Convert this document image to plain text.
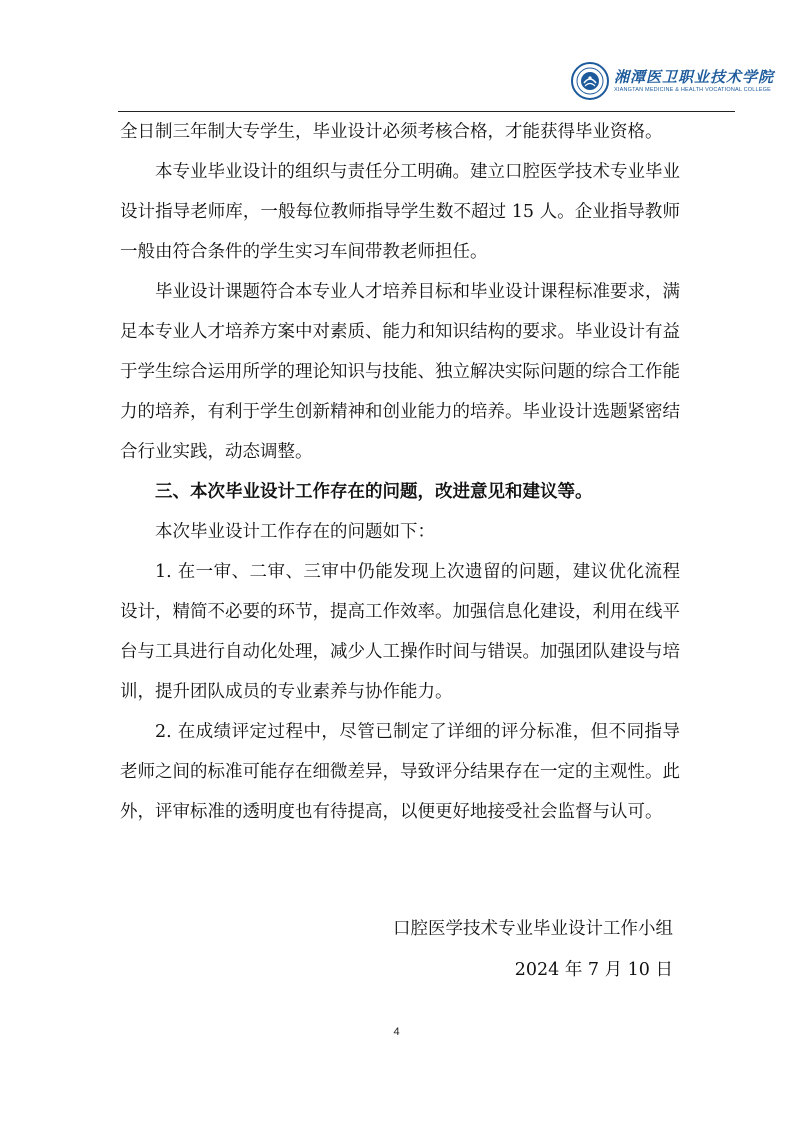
湘潭医卫职业技术学院
XIANGTAN MEDICINE & HEALTH VOCATIONAL COLLEGE

全日制三年制大专学生，毕业设计必须考核合格，才能获得毕业资格。

本专业毕业设计的组织与责任分工明确。建立口腔医学技术专业毕业设计指导老师库，一般每位教师指导学生数不超过 15 人。企业指导教师一般由符合条件的学生实习车间带教老师担任。

毕业设计课题符合本专业人才培养目标和毕业设计课程标准要求，满足本专业人才培养方案中对素质、能力和知识结构的要求。毕业设计有益于学生综合运用所学的理论知识与技能、独立解决实际问题的综合工作能力的培养，有利于学生创新精神和创业能力的培养。毕业设计选题紧密结合行业实践，动态调整。

三、本次毕业设计工作存在的问题，改进意见和建议等。

本次毕业设计工作存在的问题如下：

1. 在一审、二审、三审中仍能发现上次遗留的问题，建议优化流程设计，精简不必要的环节，提高工作效率。加强信息化建设，利用在线平台与工具进行自动化处理，减少人工操作时间与错误。加强团队建设与培训，提升团队成员的专业素养与协作能力。

2. 在成绩评定过程中，尽管已制定了详细的评分标准，但不同指导老师之间的标准可能存在细微差异，导致评分结果存在一定的主观性。此外，评审标准的透明度也有待提高，以便更好地接受社会监督与认可。

口腔医学技术专业毕业设计工作小组
2024 年 7 月 10 日
4
